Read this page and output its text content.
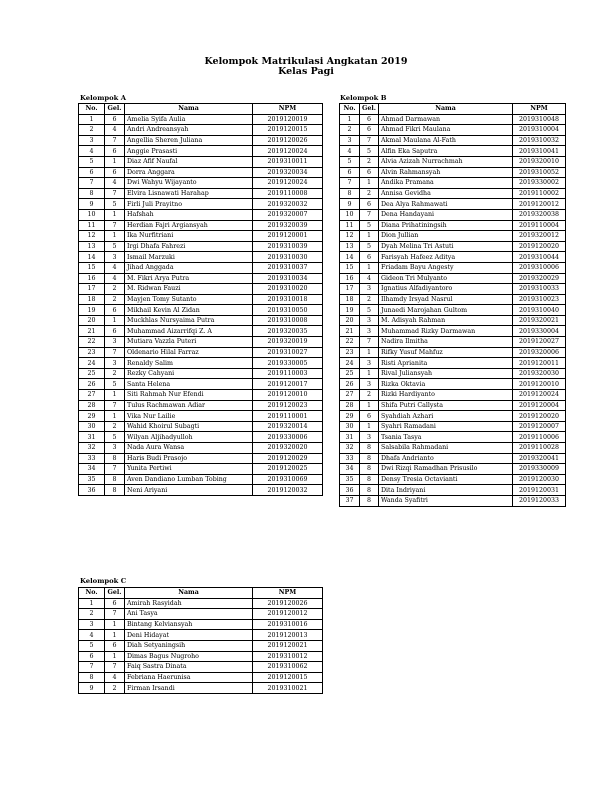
Kelompok Matrikulasi Angkatan 2019
Kelas Pagi
Kelompok A
No.	Gel.	Nama	NPM
1	6	Amelia Syifa Aulia	2019120019
2	4	Andri Andreansyah	2019120015
3	7	Angellia Sheren Juliana	2019120026
4	6	Anggie Prasasti	2019120024
5	1	Diaz Afif Naufal	2019310011
6	6	Dorra Anggara	2019320034
7	4	Dwi Wahyu Wijayanto	2019120024
8	7	Elvira Lisnawati Harahap	2019110008
9	5	Firli Juli Prayitno	2019320032
10	1	Hafshah	2019320007
11	7	Herdian Fajri Argiansyah	2019320039
12	1	Ika Nurfitriani	2019120001
13	5	Irgi Dhafa Fahrezi	2019310039
14	3	Ismail Marzuki	2019310030
15	4	Jihad Anggada	2019310037
16	4	M. Fikri Arya Putra	2019310034
17	2	M. Ridwan Fauzi	2019310020
18	2	Mayjen Tomy Sutanto	2019310018
19	6	Mikhail Kevin Al Zidan	2019310050
20	1	Muckhlas Nursyaima Putra	2019310008
21	6	Muhammad Aizarrifqi Z. A	2019320035
22	3	Mutiara Vazzla Puteri	2019320019
23	7	Oldenario Hilal Farraz	2019310027
24	3	Renaldy Salim	2019330005
25	2	Rezky Cahyani	2019110003
26	5	Santa Helena	2019120017
27	1	Siti Rahmah Nur Efendi	2019120010
28	7	Tulus Rachmawan Adiar	2019120023
29	1	Vika Nur Lailie	2019110001
30	2	Wahid Khoirul Subagti	2019320014
31	5	Wilyan Aljihadyulloh	2019330006
32	3	Nada Aura Wansa	2019320020
33	8	Haris Budi Prasojo	2019120029
34	7	Yunita Pertiwi	2019120025
35	8	Aven Dandiano Lumban Tobing	2019310069
36	8	Neni Ariyani	2019120032
Kelompok B
No.	Gel.	Nama	NPM
1	6	Ahmad Darmawan	2019310048
2	6	Ahmad Fikri Maulana	2019310004
3	7	Akmal Maulana Al-Fath	2019310032
4	5	Alfin Eka Saputra	2019310041
5	2	Alvia Azizah Nurrachmah	2019320010
6	6	Alvin Rahmansyah	2019310052
7	1	Andika Pramana	2019330002
8	2	Annisa Gevidha	2019110002
9	6	Dea Alya Rahmawati	2019120012
10	7	Dena Handayani	2019320038
11	5	Diana Prihatiningsih	2019110004
12	1	Dion Jullian	2019320012
13	5	Dyah Melina Tri Astuti	2019120020
14	6	Farisyah Hafeez Aditya	2019310044
15	1	Friadam Bayu Angesty	2019310006
16	4	Gideon Tri Mulyanto	2019320029
17	3	Ignatius Alfadiyantoro	2019310033
18	2	Ilhamdy Irsyad Nasrul	2019310023
19	5	Junaedi Marojahan Gultom	2019310040
20	3	M. Adisyah Rahman	2019320021
21	3	Muhammad Rizky Darmawan	2019330004
22	7	Nadira Ilmitha	2019120027
23	1	Rifky Yusuf Mahfuz	2019320006
24	3	Risti Aprianita	2019120011
25	1	Rival Juliansyah	2019320030
26	3	Rizka Oktavia	2019120010
27	2	Rizki Hardiyanto	2019120024
28	1	Shifa Putri Callysta	2019120004
29	6	Syahdiah Azhari	2019120020
30	1	Syahri Ramadani	2019120007
31	3	Tsania Tasya	2019110006
32	8	Salsabila Rahmadani	2019110028
33	8	Dhafa Andrianto	2019320041
34	8	Dwi Rizqi Ramadhan Prisusilo	2019330009
35	8	Densy Tresia Octavianti	2019120030
36	8	Dita Indriyani	2019120031
37	8	Wanda Syafitri	2019120033
Kelompok C
No.	Gel.	Nama	NPM
1	6	Amirah Rasyidah	2019120026
2	7	Ani Tasya	2019120012
3	1	Bintang Kelviansyah	2019310016
4	1	Deni Hidayat	2019120013
5	6	Diah Setyaningsih	2019120021
6	1	Dimas Bagus Nugroho	2019310012
7	7	Faiq Sastra Dinata	2019310062
8	4	Febriana Haerunisa	2019120015
9	2	Firman Irsandi	2019310021
